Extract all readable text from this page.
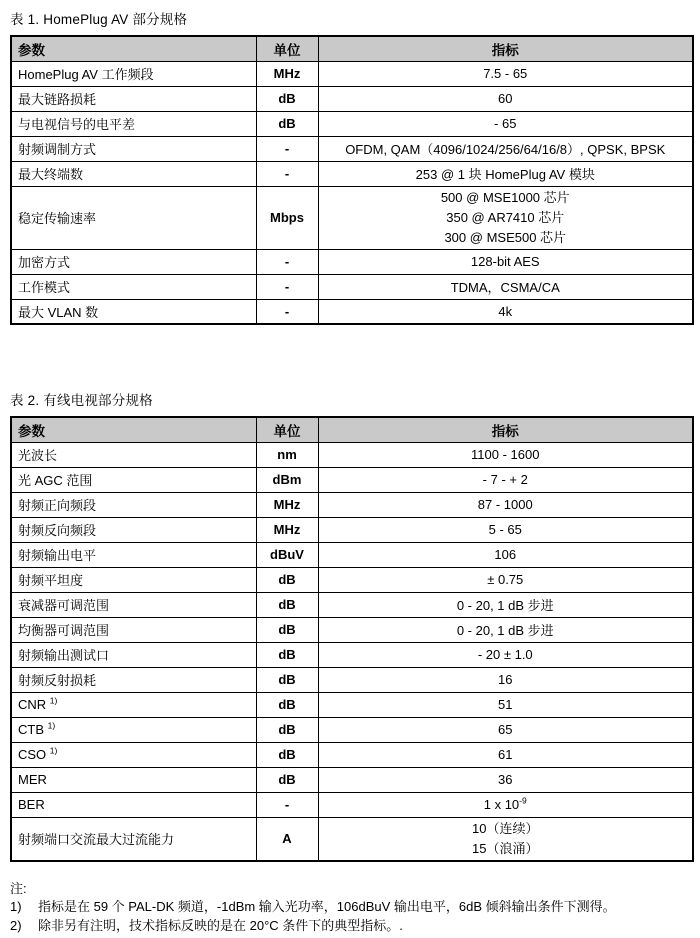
表 1. HomePlug AV 部分规格

参数	单位	指标
HomePlug AV 工作频段	MHz	7.5 - 65
最大链路损耗	dB	60
与电视信号的电平差	dB	- 65
射频调制方式	-	OFDM, QAM（4096/1024/256/64/16/8）, QPSK, BPSK
最大终端数	-	253 @ 1 块 HomePlug AV 模块
稳定传输速率	Mbps	500 @ MSE1000 芯片
350 @ AR7410 芯片
300 @ MSE500 芯片

加密方式	-	128-bit AES
工作模式	-	TDMA，CSMA/CA
最大 VLAN 数	-	4k

表 2. 有线电视部分规格

参数	单位	指标
光波长	nm	1100 - 1600
光 AGC 范围	dBm	- 7 - + 2
射频正向频段	MHz	87 - 1000
射频反向频段	MHz	5 - 65
射频输出电平	dBuV	106
射频平坦度	dB	± 0.75
衰减器可调范围	dB	0 - 20, 1 dB 步进
均衡器可调范围	dB	0 - 20, 1 dB 步进
射频输出测试口	dB	- 20 ± 1.0
射频反射损耗	dB	16
CNR $^{1)}$	dB	51
CTB $^{1)}$	dB	65
CSO $^{1)}$	dB	61
MER	dB	36
BER	-	1 x $10^{-9}$
射频端口交流最大过流能力	A	10（连续）
15（浪涌）
注:
1)	指标是在 59 个 PAL-DK 频道，-1dBm 输入光功率，106dBuV 输出电平，6dB 倾斜输出条件下测得。
2)	除非另有注明，技术指标反映的是在 20°C 条件下的典型指标。.
